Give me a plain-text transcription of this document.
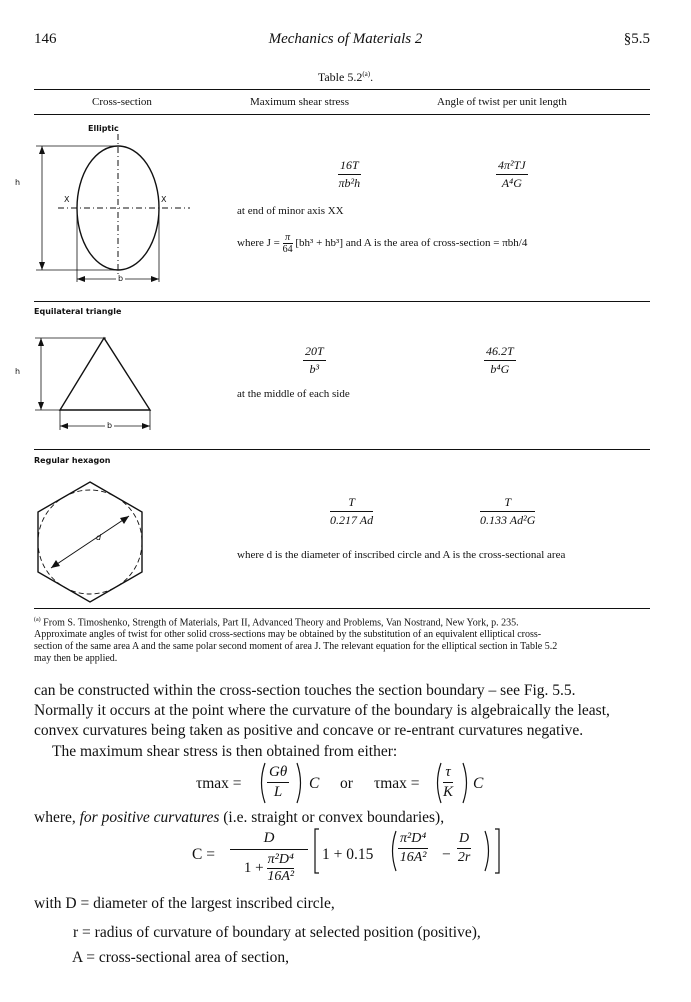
146	Mechanics of Materials 2	§5.5
Table 5.2$^{(a)}$.
Cross-section	Maximum shear stress	Angle of twist per unit length
Elliptic
h
X	X
b
$\frac{16T}{\text{πb²h}}$	$\frac{\text{4π²TJ}}{\text{A⁴G}}$
at end of minor axis XX
where $J = \frac{\pi}{64} [bh^3 + hb^3]$ and A is the area of cross-section = πbh/4
Equilateral triangle
h
b
$\frac{20T}{\text{b³}}$	$\frac{46.2T}{\text{b⁴G}}$
at the middle of each side
Regular hexagon
d
$\frac{T}{0.217 Ad}$	$\frac{T}{\text{0.133 Ad²G}}$
where d is the diameter of inscribed circle and A is the cross-sectional area
$^{(a)}$ From S. Timoshenko, Strength of Materials, Part II, Advanced Theory and Problems, Van Nostrand, New York, p. 235.
Approximate angles of twist for other solid cross-sections may be obtained by the substitution of an equivalent elliptical cross-
section of the same area A and the same polar second moment of area J. The relevant equation for the elliptical section in Table 5.2
may then be applied.
can be constructed within the cross-section touches the section boundary – see Fig. 5.5.
Normally it occurs at the point where the curvature of the boundary is algebraically the least,
convex curvatures being taken as positive and concave or re-entrant curvatures negative.
The maximum shear stress is then obtained from either:
$\tau\max = \frac{G\theta}{L}$ C or $\tau\max = \frac{\tau}{K}$ C
where, for positive curvatures (i.e. straight or convex boundaries),
$C = \frac{D}{1 + \frac{\text{π²D⁴}}{\text{16A²}}} 1 + 0.15 \frac{\text{π²D⁴}}{\text{16A²}} - \frac{D}{2r}$
with D = diameter of the largest inscribed circle,
r = radius of curvature of boundary at selected position (positive),
A = cross-sectional area of section,
